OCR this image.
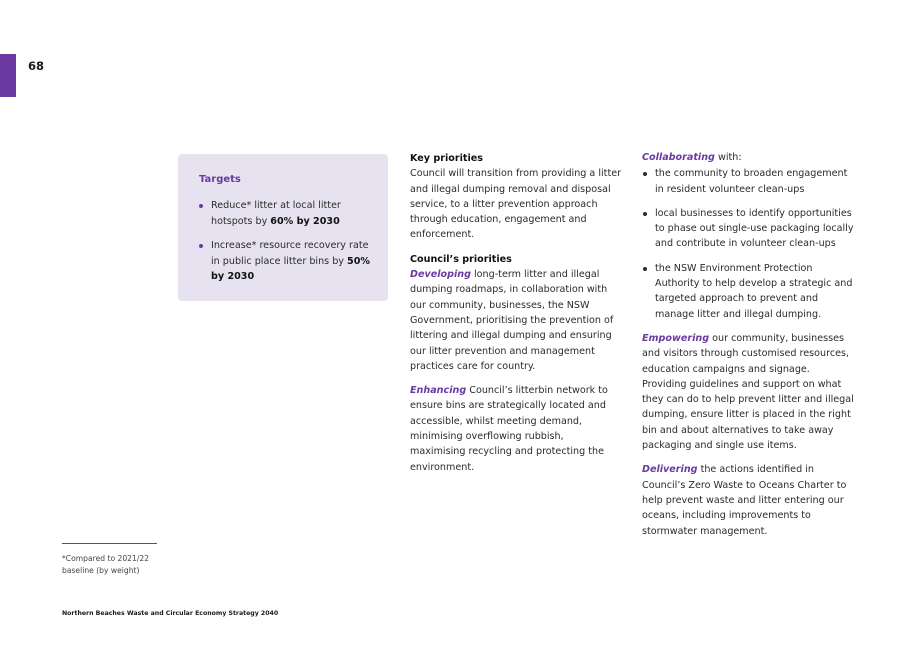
68
Targets
Reduce* litter at local litter hotspots by 60% by 2030
Increase* resource recovery rate in public place litter bins by 50% by 2030

Key priorities
Council will transition from providing a litter and illegal dumping removal and disposal service, to a litter prevention approach through education, engagement and enforcement.

Council’s priorities
Developing long-term litter and illegal dumping roadmaps, in collaboration with our community, businesses, the NSW Government, prioritising the prevention of littering and illegal dumping and ensuring our litter prevention and management practices care for country.

Enhancing Council’s litterbin network to ensure bins are strategically located and accessible, whilst meeting demand, minimising overflowing rubbish, maximising recycling and protecting the environment.

Collaborating with:

the community to broaden engagement in resident volunteer clean-ups
local businesses to identify opportunities to phase out single-use packaging locally and contribute in volunteer clean-ups
the NSW Environment Protection Authority to help develop a strategic and targeted approach to prevent and manage litter and illegal dumping.

Empowering our community, businesses and visitors through customised resources, education campaigns and signage. Providing guidelines and support on what they can do to help prevent litter and illegal dumping, ensure litter is placed in the right bin and about alternatives to take away packaging and single use items.

Delivering the actions identified in Council’s Zero Waste to Oceans Charter to help prevent waste and litter entering our oceans, including improvements to stormwater management.

*Compared to 2021/22 baseline (by weight)
Northern Beaches Waste and Circular Economy Strategy 2040
